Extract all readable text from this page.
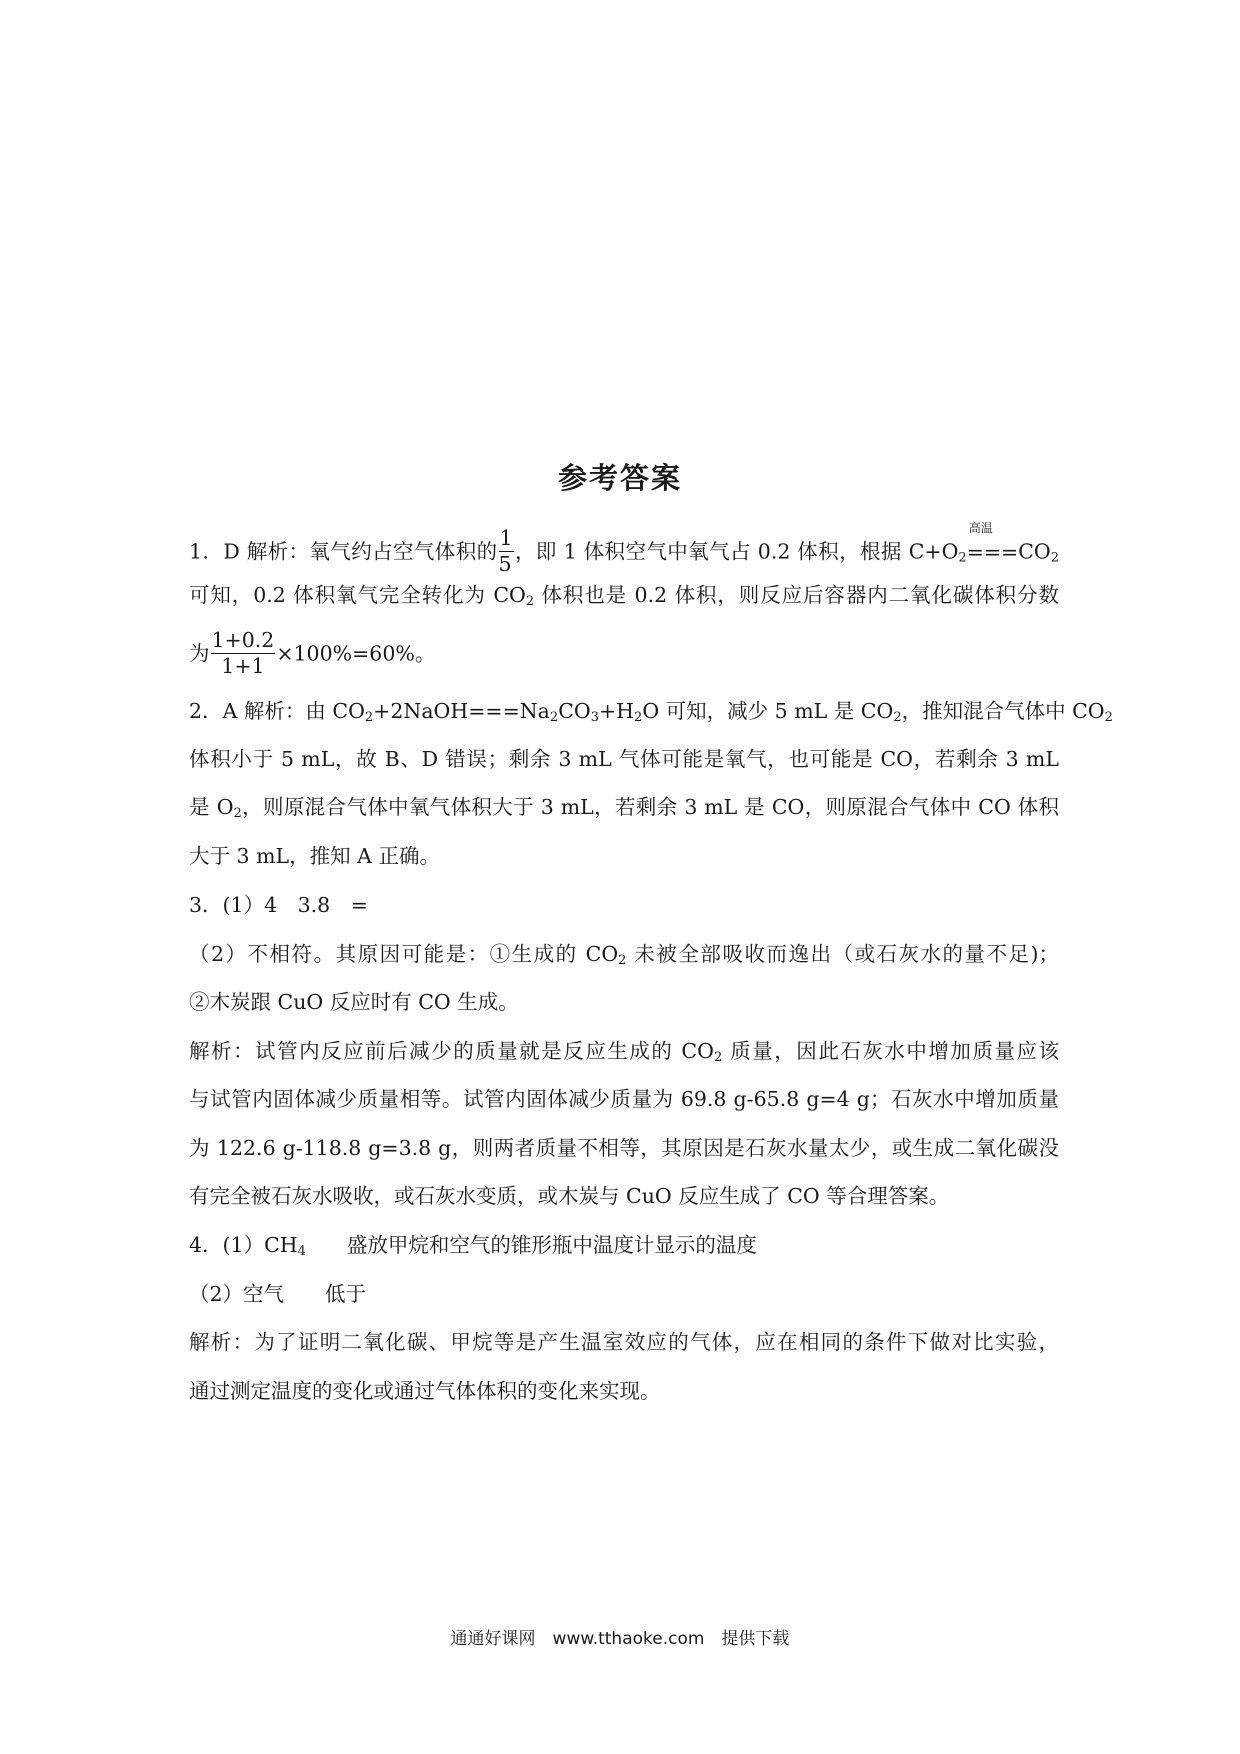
参考答案
1．D 解析：氧气约占空气体积的 $\frac{1}{5}$ ，即 1 体积空气中氧气占 0.2 体积，根据 $C+O_2$
高温
$===CO_2$
可知，0.2 体积氧气完全转化为 $CO_2$ 体积也是 0.2 体积，则反应后容器内二氧化碳体积分数
为 $\frac{1+0.2}{1+1} \times 100\%=60\%$。
2．A 解析：由 $CO_2+2NaOH===Na_2CO_3+H_2O$ 可知，减少 5 mL 是 $CO_2$，推知混合气体中 $CO_2$
体积小于 5 mL，故 B、D 错误；剩余 3 mL 气体可能是氧气，也可能是 CO，若剩余 3 mL
是 $O_2$，则原混合气体中氧气体积大于 3 mL，若剩余 3 mL 是 CO，则原混合气体中 CO 体积
大于 3 mL，推知 A 正确。
3．(1）4　3.8　=
（2）不相符。其原因可能是：①生成的 $CO_2$ 未被全部吸收而逸出（或石灰水的量不足)；
②木炭跟 CuO 反应时有 CO 生成。
解析：试管内反应前后减少的质量就是反应生成的 $CO_2$ 质量，因此石灰水中增加质量应该
与试管内固体减少质量相等。试管内固体减少质量为 69.8 g-65.8 g=4 g；石灰水中增加质量
为 122.6 g-118.8 g=3.8 g，则两者质量不相等，其原因是石灰水量太少，或生成二氧化碳没
有完全被石灰水吸收，或石灰水变质，或木炭与 CuO 反应生成了 CO 等合理答案。
4．$(1)CH_4$　　盛放甲烷和空气的锥形瓶中温度计显示的温度
（2）空气　　低于
解析：为了证明二氧化碳、甲烷等是产生温室效应的气体，应在相同的条件下做对比实验，
通过测定温度的变化或通过气体体积的变化来实现。
通通好课网　www.tthaoke.com　提供下载
